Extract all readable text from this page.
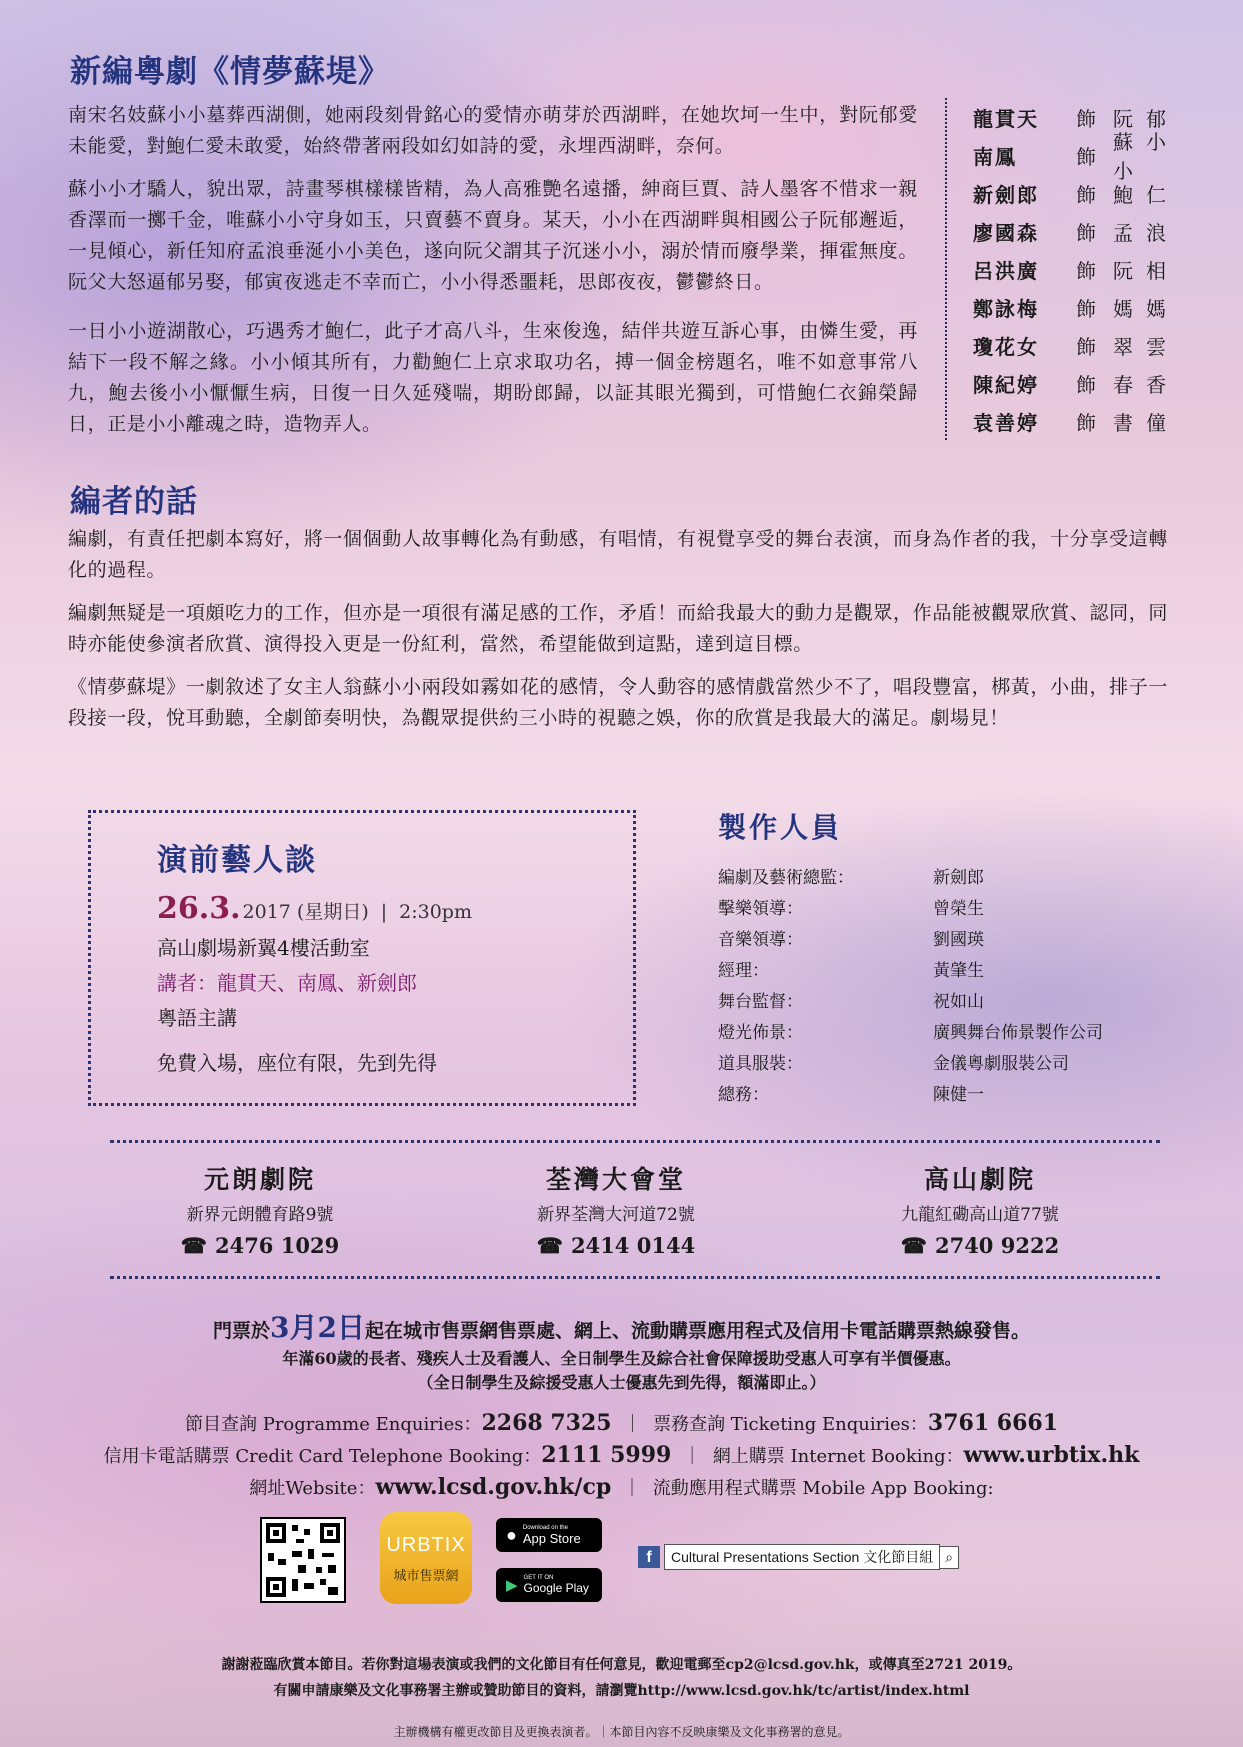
新編粵劇《情夢蘇堤》

南宋名妓蘇小小墓葬西湖側，她兩段刻骨銘心的愛情亦萌芽於西湖畔，在她坎坷一生中，對阮郁愛未能愛，對鮑仁愛未敢愛，始終帶著兩段如幻如詩的愛，永埋西湖畔，奈何。

蘇小小才驕人，貌出眾，詩畫琴棋樣樣皆精，為人高雅艷名遠播，紳商巨賈、詩人墨客不惜求一親香澤而一擲千金，唯蘇小小守身如玉，只賣藝不賣身。某天，小小在西湖畔與相國公子阮郁邂逅，一見傾心，新任知府孟浪垂涎小小美色，遂向阮父謂其子沉迷小小，溺於情而廢學業，揮霍無度。阮父大怒逼郁另娶，郁寅夜逃走不幸而亡，小小得悉噩耗，思郎夜夜，鬱鬱終日。

一日小小遊湖散心，巧遇秀才鮑仁，此子才高八斗，生來俊逸，結伴共遊互訴心事，由憐生愛，再結下一段不解之緣。小小傾其所有，力勸鮑仁上京求取功名，搏一個金榜題名，唯不如意事常八九，鮑去後小小懨懨生病，日復一日久延殘喘，期盼郎歸，以証其眼光獨到，可惜鮑仁衣錦榮歸日，正是小小離魂之時，造物弄人。

龍貫天	飾 阮郁
南鳳	飾
蘇小小
新劍郎	飾 鮑仁
廖國森	飾 孟浪
呂洪廣	飾 阮相
鄭詠梅	飾 媽媽
瓊花女	飾 翠雲
陳紀婷	飾 春香
袁善婷	飾 書僮
編者的話

編劇，有責任把劇本寫好，將一個個動人故事轉化為有動感，有唱情，有視覺享受的舞台表演，而身為作者的我，十分享受這轉化的過程。

編劇無疑是一項頗吃力的工作，但亦是一項很有滿足感的工作，矛盾！而給我最大的動力是觀眾，作品能被觀眾欣賞、認同，同時亦能使參演者欣賞、演得投入更是一份紅利，當然，希望能做到這點，達到這目標。

《情夢蘇堤》一劇敘述了女主人翁蘇小小兩段如霧如花的感情，令人動容的感情戲當然少不了，唱段豐富，梆黃，小曲，排子一段接一段，悅耳動聽，全劇節奏明快，為觀眾提供約三小時的視聽之娛，你的欣賞是我最大的滿足。劇場見！

演前藝人談
26.3. 2017 (星期日) | 2:30pm
高山劇場新翼4樓活動室
講者：龍貫天、南鳳、新劍郎
粵語主講
免費入場，座位有限，先到先得
製作人員
編劇及藝術總監：	新劍郎
擊樂領導：	曾榮生
音樂領導：	劉國瑛
經理：	黃肇生
舞台監督：	祝如山
燈光佈景：	廣興舞台佈景製作公司
道具服裝：	金儀粵劇服裝公司
總務：	陳健一
荃灣大會堂
新界荃灣大河道72號
☎ 2414 0144
元朗劇院
新界元朗體育路9號
☎ 2476 1029
高山劇院
九龍紅磡高山道77號
☎ 2740 9222
門票於3月2日起在城市售票網售票處、網上、流動購票應用程式及信用卡電話購票熱線發售。
年滿60歲的長者、殘疾人士及看護人、全日制學生及綜合社會保障援助受惠人可享有半價優惠。
（全日制學生及綜援受惠人士優惠先到先得，額滿即止。）
節目查詢 Programme Enquiries：2268 7325 ｜ 票務查詢 Ticketing Enquiries：3761 6661
信用卡電話購票 Credit Card Telephone Booking：2111 5999 ｜ 網上購票 Internet Booking：www.urbtix.hk
網址Website：www.lcsd.gov.hk/cp ｜ 流動應用程式購票 Mobile App Booking:
URBTIX
城市售票網
● Download on the
App Store
▶ GET IT ON
Google Play
f	Cultural Presentations Section 文化節目組 ⌕
謝謝蒞臨欣賞本節目。若你對這場表演或我們的文化節目有任何意見，歡迎電郵至cp2@lcsd.gov.hk，或傳真至2721 2019。
有關申請康樂及文化事務署主辦或贊助節目的資料，請瀏覽http://www.lcsd.gov.hk/tc/artist/index.html
主辦機構有權更改節目及更換表演者。｜本節目內容不反映康樂及文化事務署的意見。
